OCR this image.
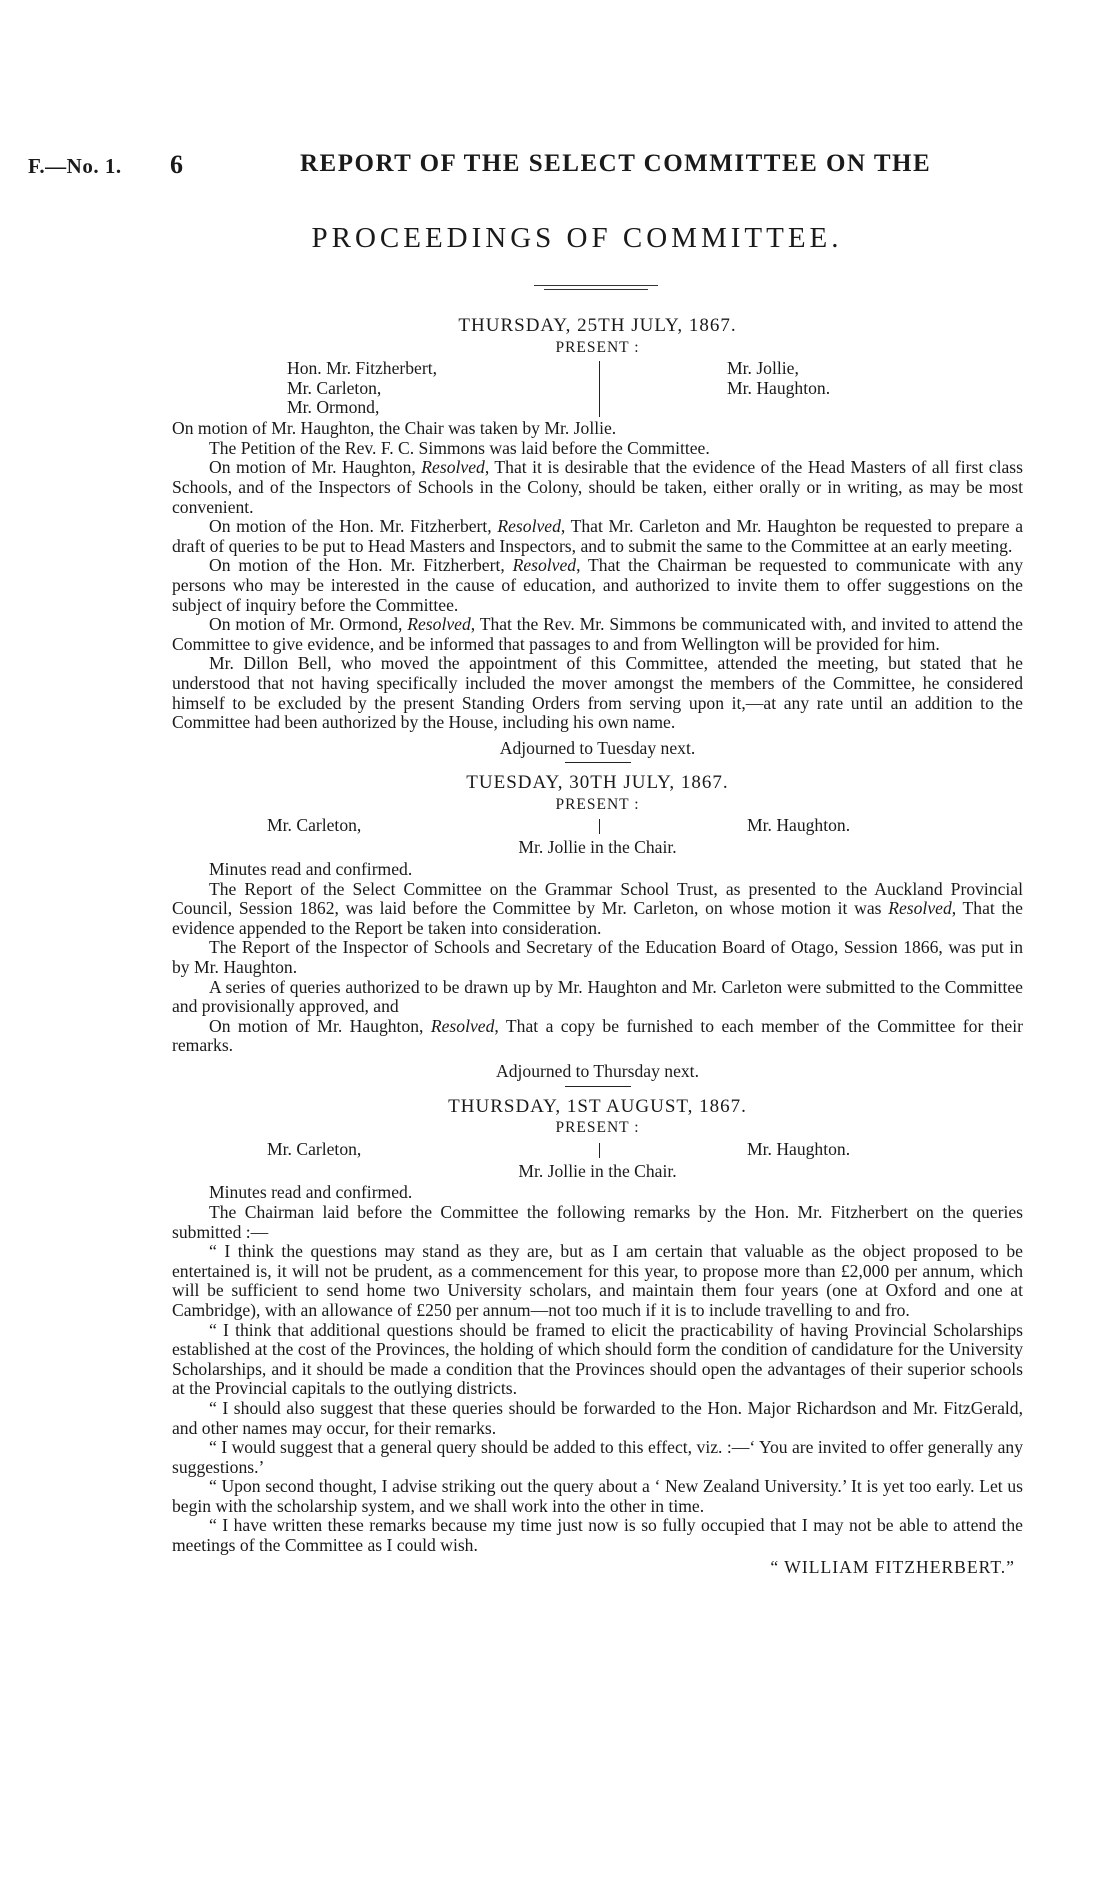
F.—No. 1. 6	REPORT OF THE SELECT COMMITTEE ON THE
PROCEEDINGS OF COMMITTEE.
THURSDAY, 25TH JULY, 1867.
PRESENT :
Hon. Mr. Fitzherbert,
Mr. Carleton,
Mr. Ormond,
Mr. Jollie,
Mr. Haughton.

On motion of Mr. Haughton, the Chair was taken by Mr. Jollie.

The Petition of the Rev. F. C. Simmons was laid before the Committee.

On motion of Mr. Haughton, Resolved, That it is desirable that the evidence of the Head Masters of all first class Schools, and of the Inspectors of Schools in the Colony, should be taken, either orally or in writing, as may be most convenient.

On motion of the Hon. Mr. Fitzherbert, Resolved, That Mr. Carleton and Mr. Haughton be requested to prepare a draft of queries to be put to Head Masters and Inspectors, and to submit the same to the Committee at an early meeting.

On motion of the Hon. Mr. Fitzherbert, Resolved, That the Chairman be requested to communicate with any persons who may be interested in the cause of education, and authorized to invite them to offer suggestions on the subject of inquiry before the Committee.

On motion of Mr. Ormond, Resolved, That the Rev. Mr. Simmons be communicated with, and invited to attend the Committee to give evidence, and be informed that passages to and from Wellington will be provided for him.

Mr. Dillon Bell, who moved the appointment of this Committee, attended the meeting, but stated that he understood that not having specifically included the mover amongst the members of the Committee, he considered himself to be excluded by the present Standing Orders from serving upon it,—at any rate until an addition to the Committee had been authorized by the House, including his own name.

Adjourned to Tuesday next.
TUESDAY, 30TH JULY, 1867.
PRESENT :
Mr. Carleton,	Mr. Haughton.
Mr. Jollie in the Chair.

Minutes read and confirmed.

The Report of the Select Committee on the Grammar School Trust, as presented to the Auckland Provincial Council, Session 1862, was laid before the Committee by Mr. Carleton, on whose motion it was Resolved, That the evidence appended to the Report be taken into consideration.

The Report of the Inspector of Schools and Secretary of the Education Board of Otago, Session 1866, was put in by Mr. Haughton.

A series of queries authorized to be drawn up by Mr. Haughton and Mr. Carleton were submitted to the Committee and provisionally approved, and

On motion of Mr. Haughton, Resolved, That a copy be furnished to each member of the Committee for their remarks.

Adjourned to Thursday next.
THURSDAY, 1ST AUGUST, 1867.
PRESENT :
Mr. Carleton,	Mr. Haughton.
Mr. Jollie in the Chair.

Minutes read and confirmed.

The Chairman laid before the Committee the following remarks by the Hon. Mr. Fitzherbert on the queries submitted :—

“ I think the questions may stand as they are, but as I am certain that valuable as the object proposed to be entertained is, it will not be prudent, as a commencement for this year, to propose more than £2,000 per annum, which will be sufficient to send home two University scholars, and maintain them four years (one at Oxford and one at Cambridge), with an allowance of £250 per annum—not too much if it is to include travelling to and fro.

“ I think that additional questions should be framed to elicit the practicability of having Provincial Scholarships established at the cost of the Provinces, the holding of which should form the condition of candidature for the University Scholarships, and it should be made a condition that the Provinces should open the advantages of their superior schools at the Provincial capitals to the outlying districts.

“ I should also suggest that these queries should be forwarded to the Hon. Major Richardson and Mr. FitzGerald, and other names may occur, for their remarks.

“ I would suggest that a general query should be added to this effect, viz. :—‘ You are invited to offer generally any suggestions.’

“ Upon second thought, I advise striking out the query about a ‘ New Zealand University.’ It is yet too early. Let us begin with the scholarship system, and we shall work into the other in time.

“ I have written these remarks because my time just now is so fully occupied that I may not be able to attend the meetings of the Committee as I could wish.

“ WILLIAM FITZHERBERT.”
